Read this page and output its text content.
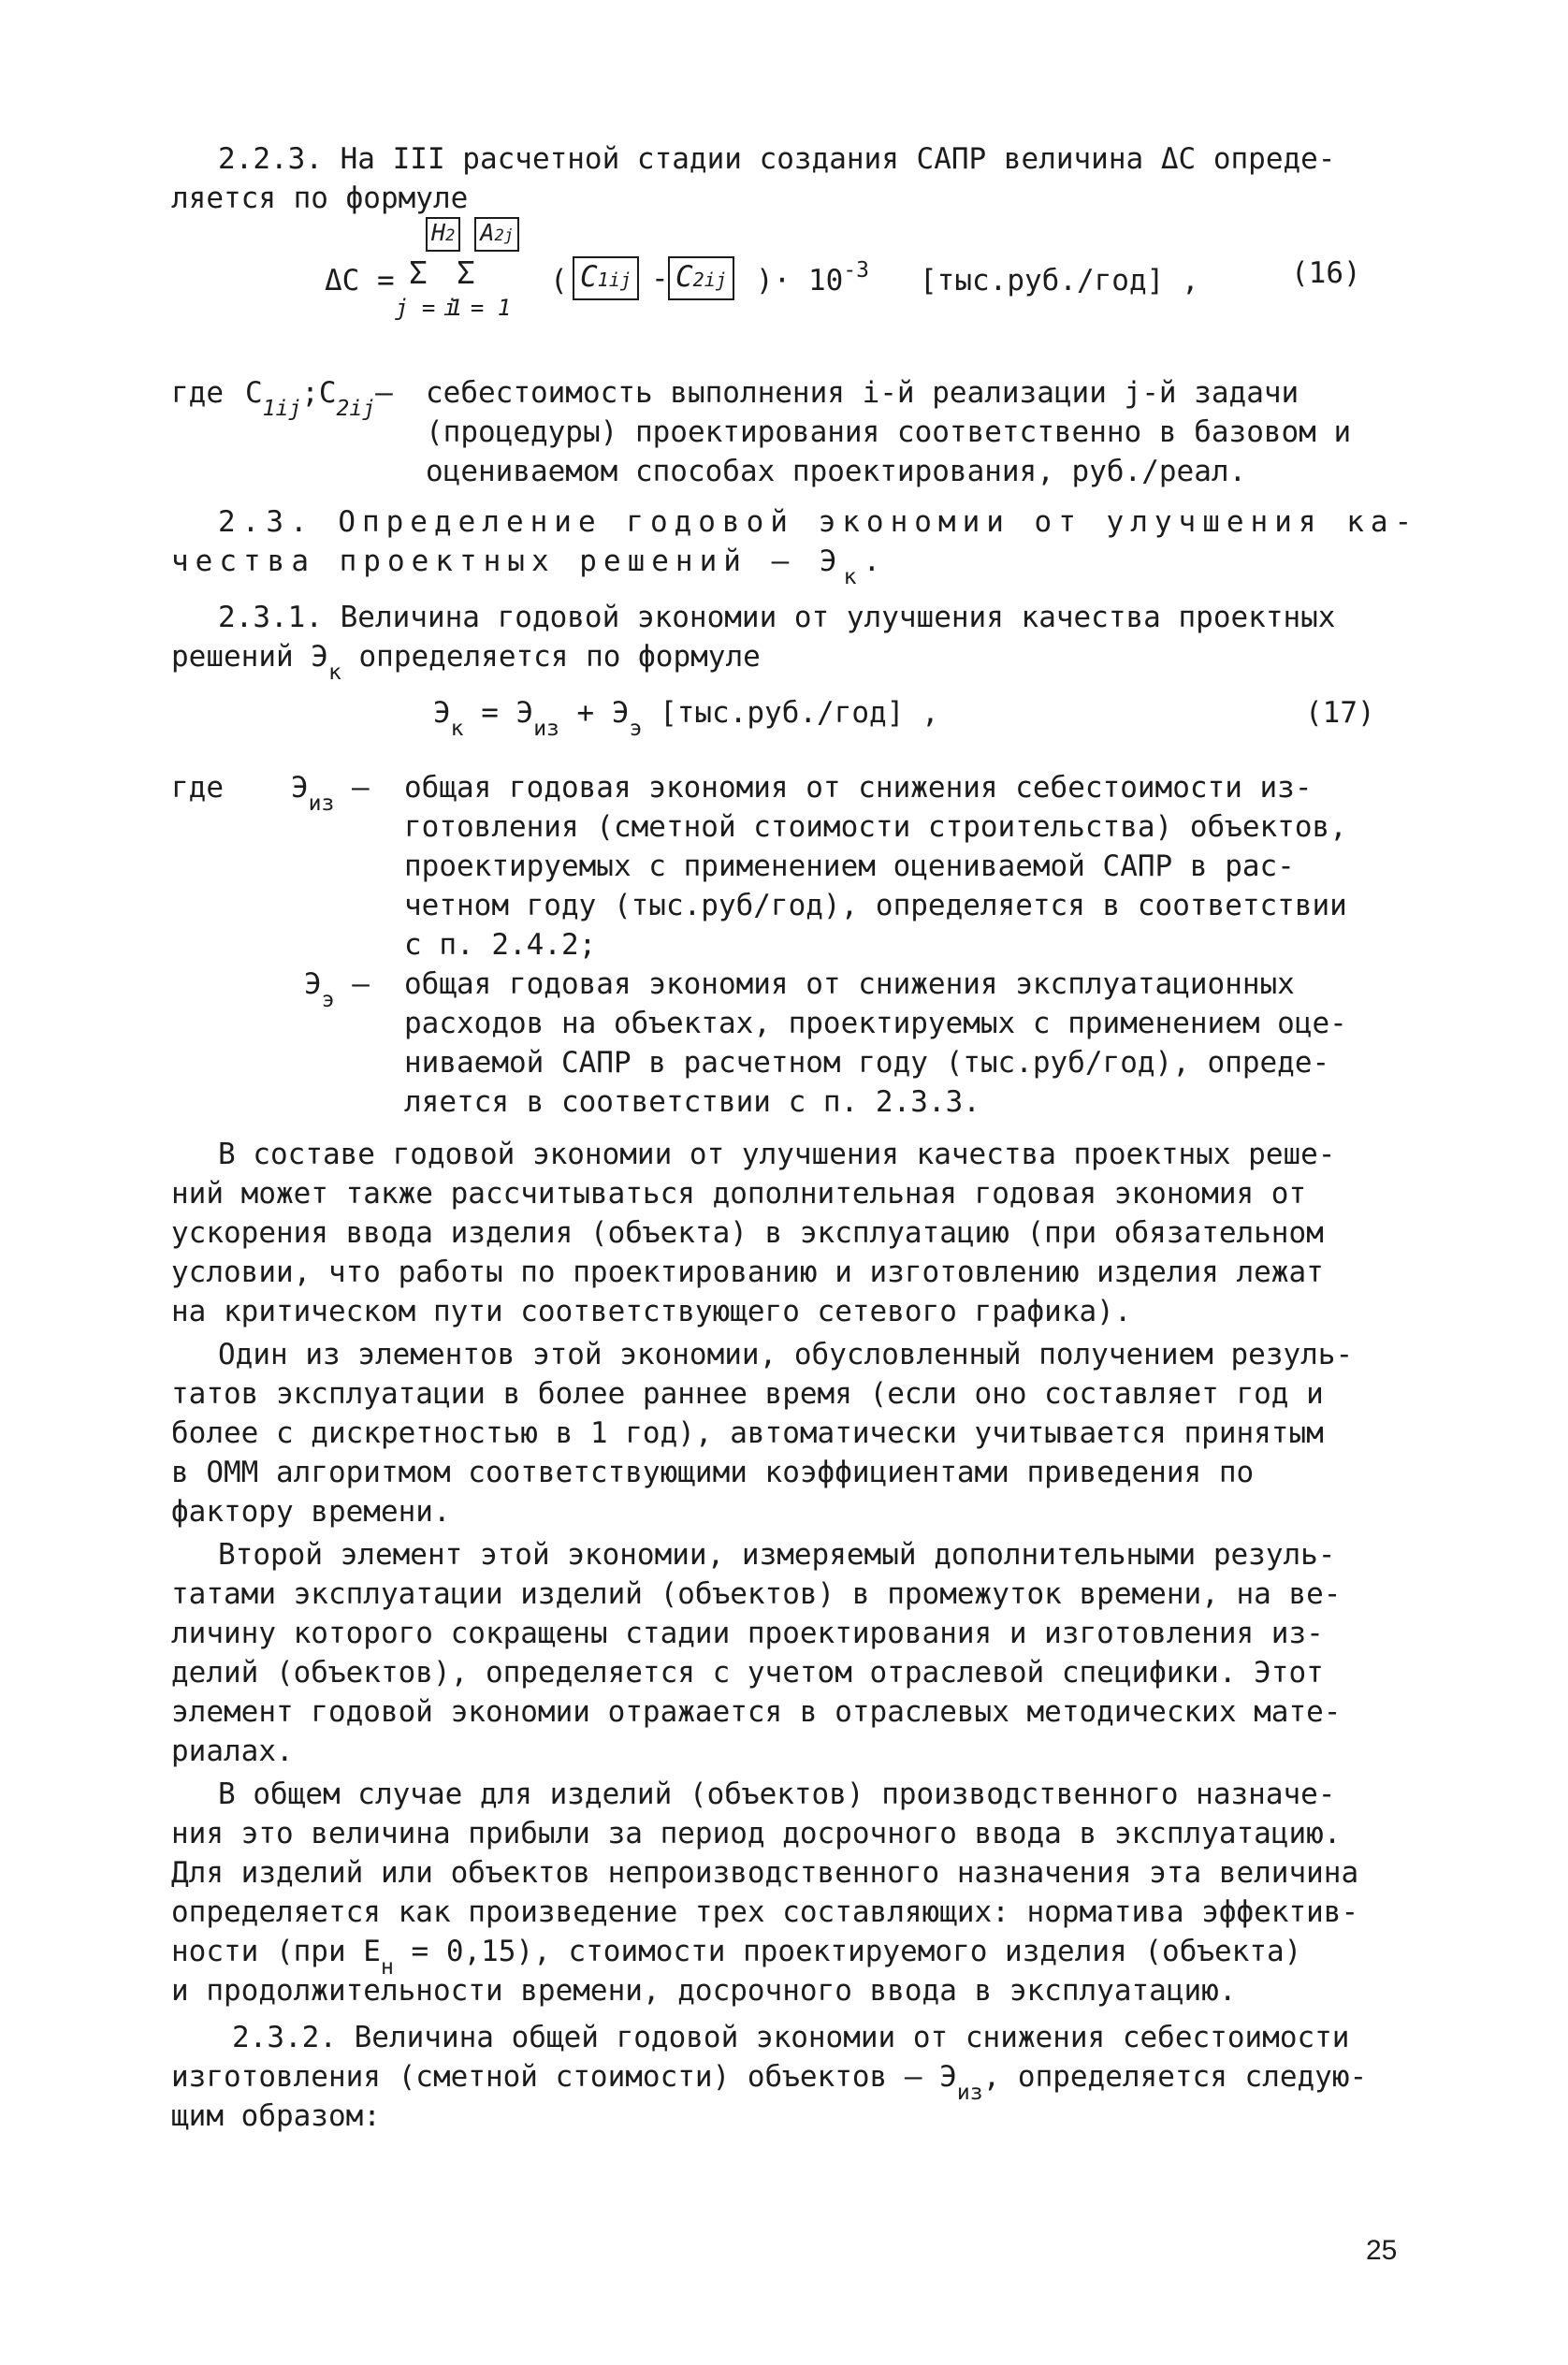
2.2.3. На III расчетной стадии создания САПР величина ΔС опреде-
ляется по формуле
H2 A2j
ΔС = Σ Σ
j = 1
i = 1
( C1ij - C2ij )· $10^{-3}$ [тыс.руб./год] ,	(16)
где $C_{1ij};C_{2ij}-$ себестоимость выполнения i-й реализации j-й задачи
(процедуры) проектирования соответственно в базовом и
оцениваемом способах проектирования, руб./реал.
2.3. Определение годовой экономии от улучшения ка-
чества проектных решений – $Э_к$.
2.3.1. Величина годовой экономии от улучшения качества проектных
решений $Э_к$ определяется по формуле
$Э_к = Э_{из} + Э_э$ [тыс.руб./год] ,	(17)
где $Э_{из}$ – общая годовая экономия от снижения себестоимости из-
готовления (сметной стоимости строительства) объектов,
проектируемых с применением оцениваемой САПР в рас-
четном году (тыс.руб/год), определяется в соответствии
с п. 2.4.2;
$Э_э$ – общая годовая экономия от снижения эксплуатационных
расходов на объектах, проектируемых с применением оце-
ниваемой САПР в расчетном году (тыс.руб/год), опреде-
ляется в соответствии с п. 2.3.3.
В составе годовой экономии от улучшения качества проектных реше-
ний может также рассчитываться дополнительная годовая экономия от
ускорения ввода изделия (объекта) в эксплуатацию (при обязательном
условии, что работы по проектированию и изготовлению изделия лежат
на критическом пути соответствующего сетевого графика).
Один из элементов этой экономии, обусловленный получением резуль-
татов эксплуатации в более раннее время (если оно составляет год и
более с дискретностью в 1 год), автоматически учитывается принятым
в ОММ алгоритмом соответствующими коэффициентами приведения по
фактору времени.
Второй элемент этой экономии, измеряемый дополнительными резуль-
татами эксплуатации изделий (объектов) в промежуток времени, на ве-
личину которого сокращены стадии проектирования и изготовления из-
делий (объектов), определяется с учетом отраслевой специфики. Этот
элемент годовой экономии отражается в отраслевых методических мате-
риалах.
В общем случае для изделий (объектов) производственного назначе-
ния это величина прибыли за период досрочного ввода в эксплуатацию.
Для изделий или объектов непроизводственного назначения эта величина
определяется как произведение трех составляющих: норматива эффектив-
ности (при $E_н = 0,15$), стоимости проектируемого изделия (объекта)
и продолжительности времени, досрочного ввода в эксплуатацию.
2.3.2. Величина общей годовой экономии от снижения себестоимости
изготовления (сметной стоимости) объектов – $Э_{из}$, определяется следую-
щим образом:
25
